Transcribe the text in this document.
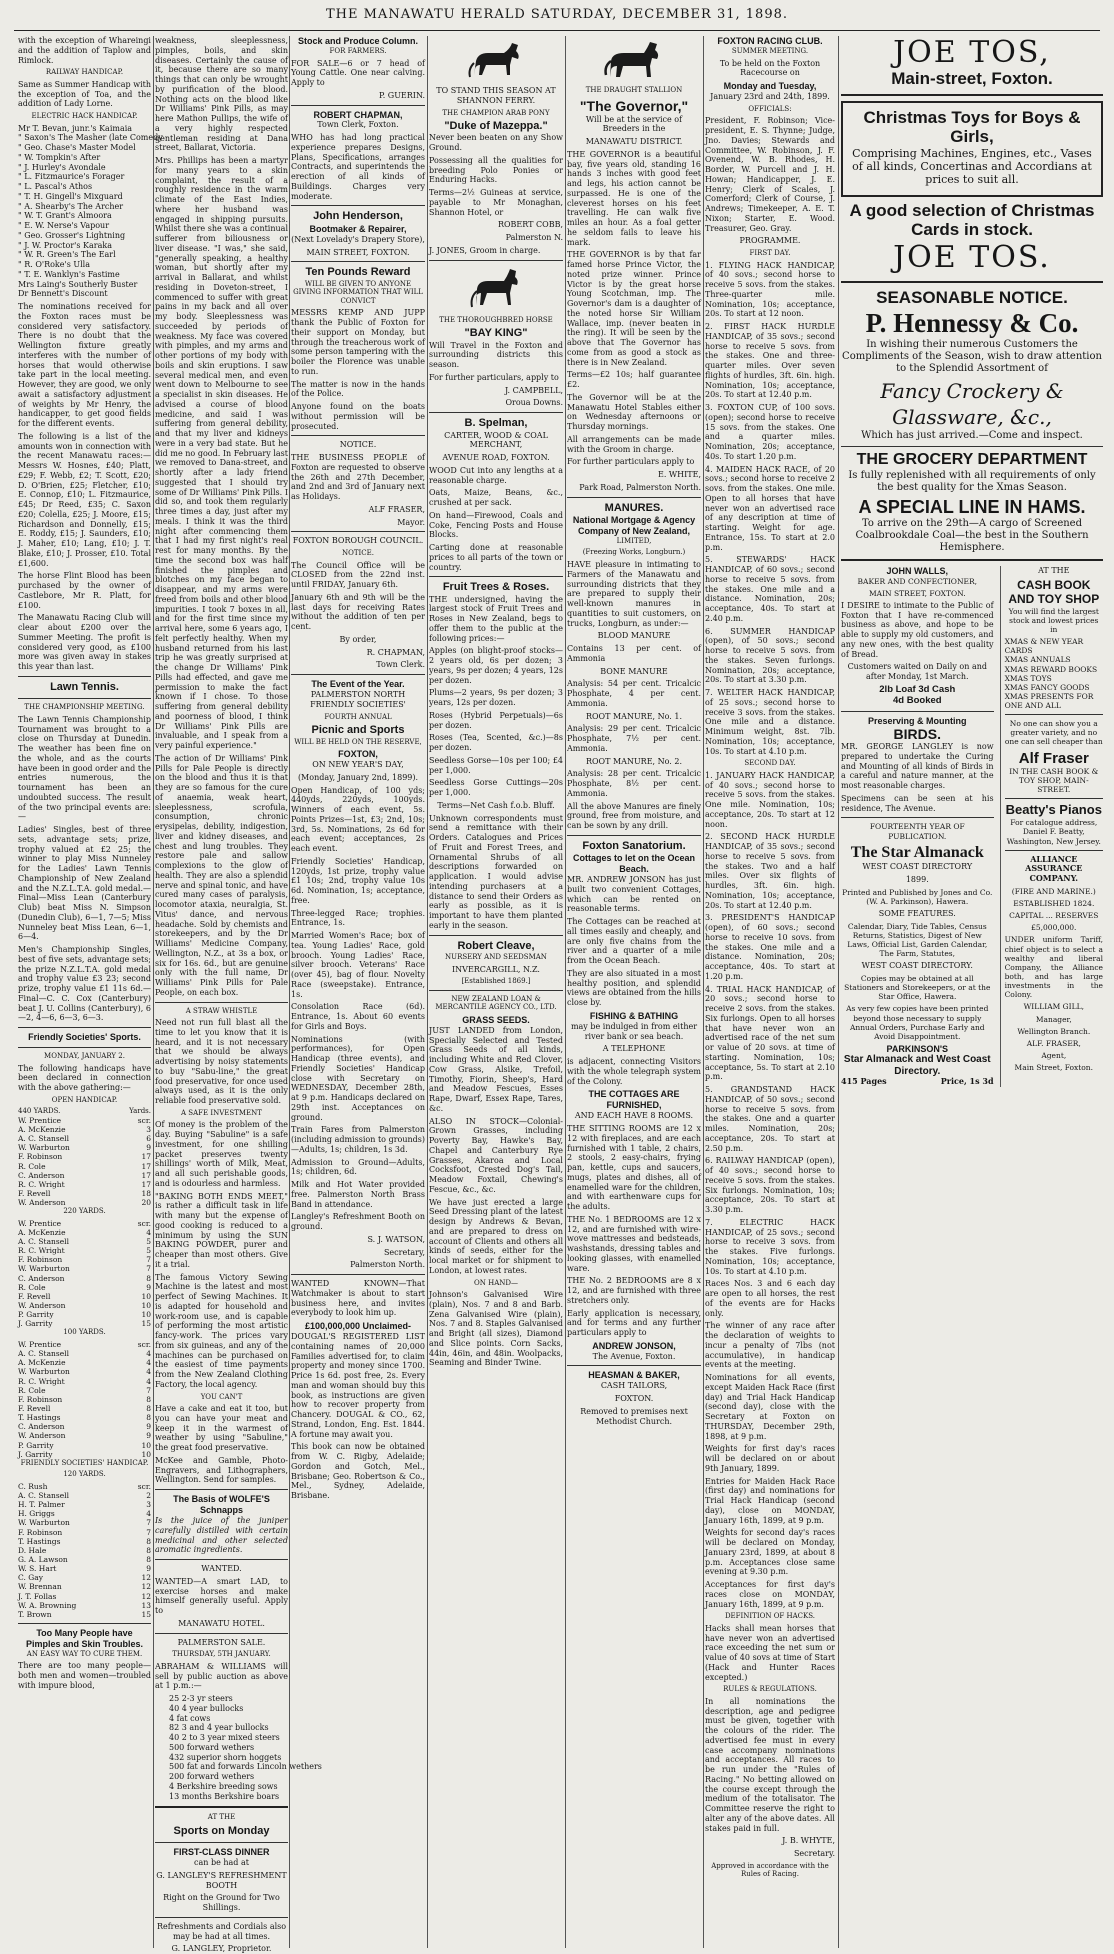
THE MANAWATU HERALD SATURDAY, DECEMBER 31, 1898.

with the exception of Whareingi and the addition of Taplow and Rimlock.

RAILWAY HANDICAP.

Same as Summer Handicap with the exception of Toa, and the addition of Lady Lorne.

ELECTRIC HACK HANDICAP.

Mr T. Bevan, junr.'s Kaimaia
" Saxon's The Masher (late Comedy
" Geo. Chase's Master Model
" W. Tompkin's After
" J. Hurley's Avondale
" L. Fitzmaurice's Forager
" L. Pascal's Athos
" T. H. Gingell's Mixguard
" A. Shearby's The Archer
" W. T. Grant's Almoora
" E. W. Nerse's Vapour
" Geo. Grosser's Lightning
" J. W. Proctor's Karaka
" W. R. Green's The Earl
" R. O'Roke's Ulla
" T. E. Wanklyn's Fastime
Mrs Laing's Southerly Buster
Dr Bennett's Discount

The nominations received for the Foxton races must be considered very satisfactory. There is no doubt that the Wellington fixture greatly interferes with the number of horses that would otherwise take part in the local meeting. However, they are good, we only await a satisfactory adjustment of weights by Mr Henry, the handicapper, to get good fields for the different events.

The following is a list of the amounts won in connection with the recent Manawatu races:—Messrs W. Hosnes, £40; Platt, £29; F. Webb, £2; T. Scott, £20; D. O'Brien, £25; Fletcher, £10; E. Connop, £10; L. Fitzmaurice, £45; Dr Reed, £35; C. Saxon £20; Colella, £25; J. Moore, £15; Richardson and Donnelly, £15; E. Roddy, £15; J. Saunders, £10; J. Maher, £10; Lang, £10; J. T. Blake, £10; J. Prosser, £10. Total £1,600.

The horse Flint Blood has been purchased by the owner of Castlebore, Mr R. Platt, for £100.

The Manawatu Racing Club will clear about £200 over the Summer Meeting. The profit is considered very good, as £100 more was given away in stakes this year than last.

Lawn Tennis.

THE CHAMPIONSHIP MEETING.

The Lawn Tennis Championship Tournament was brought to a close on Thursday at Dunedin. The weather has been fine on the whole, and as the courts have been in good order and the entries numerous, the tournament has been an undoubted success. The result of the two principal events are:—

Ladies' Singles, best of three sets, advantage sets; prize, trophy valued at £2 25; the winner to play Miss Nunneley for the Ladies' Lawn Tennis Championship of New Zealand and the N.Z.L.T.A. gold medal.—Final—Miss Lean (Canterbury Club) beat Miss N. Simpson (Dunedin Club), 6—1, 7—5; Miss Nunneley beat Miss Lean, 6—1, 6—4.

Men's Championship Singles, best of five sets, advantage sets; the prize N.Z.L.T.A. gold medal and trophy value £3 23; second prize, trophy value £1 11s 6d.—Final—C. C. Cox (Canterbury) beat J. U. Collins (Canterbury), 6—2, 4—6, 6—3, 6—3.

Friendly Societies' Sports.

MONDAY, JANUARY 2.

The following handicaps have been declared in connection with the above gathering:—

OPEN HANDICAP.

440 YARDS.	Yards.
W. Prentice	scr.
A. McKenzie	3
A. C. Stansell	6
W. Warburton	9
F. Robinson	17
R. Cole	17
C. Anderson	17
R. C. Wright	17
F. Revell	18
W. Anderson	20

220 YARDS.

W. Prentice	scr.
A. McKenzie	4
A. C. Stansell	5
R. C. Wright	5
F. Robinson	7
W. Warburton	7
C. Anderson	8
R. Cole	9
F. Revell	10
W. Anderson	10
P. Garrity	10
J. Garrity	15

100 YARDS.

W. Prentice	scr.
A. C. Stansell	4
A. McKenzie	4
W. Warburton	4
R. C. Wright	4
R. Cole	7
F. Robinson	8
F. Revell	8
T. Hastings	8
C. Anderson	9
W. Anderson	9
P. Garrity	10
J. Garrity	10

FRIENDLY SOCIETIES' HANDICAP.

120 YARDS.

C. Rush	scr.
A. C. Stansell	2
H. T. Palmer	3
H. Griggs	4
W. Warburton	7
F. Robinson	7
T. Hastings	8
D. Hale	8
G. A. Lawson	8
W. S. Hart	9
C. Gay	12
W. Brennan	12
J. T. Follas	12
W. A. Browning	13
T. Brown	15
Too Many People have Pimples and Skin Troubles.

AN EASY WAY TO CURE THEM.

There are too many people—both men and women—troubled with impure blood,

weakness, sleeplessness, pimples, boils, and skin diseases. Certainly the cause of it, because there are so many things that can only be wrought by purification of the blood. Nothing acts on the blood like Dr Williams' Pink Pills, as may here Mathon Pullips, the wife of a very highly respected gentleman residing at Dana street, Ballarat, Victoria.

Mrs. Phillips has been a martyr for many years to a skin complaint, the result of a roughly residence in the warm climate of the East Indies, where her husband was engaged in shipping pursuits. Whilst there she was a continual sufferer from biliousness or liver disease. "I was," she said, "generally speaking, a healthy woman, but shortly after my arrival in Ballarat, and whilst residing in Doveton-street, I commenced to suffer with great pains in my back and all over my body. Sleeplessness was succeeded by periods of weakness. My face was covered with pimples, and my arms and other portions of my body with boils and skin eruptions. I saw several medical men, and even went down to Melbourne to see a specialist in skin diseases. He advised a course of blood medicine, and said I was suffering from general debility, and that my liver and kidneys were in a very bad state. But he did me no good. In February last we removed to Dana-street, and shortly after a lady friend suggested that I should try some of Dr Williams' Pink Pills. I did so, and took them regularly three times a day, just after my meals. I think it was the third night after commencing them that I had my first night's real rest for many months. By the time the second box was half finished the pimples and blotches on my face began to disappear, and my arms were freed from boils and other blood impurities. I took 7 boxes in all, and for the first time since my arrival here, some 6 years ago, I felt perfectly healthy. When my husband returned from his last trip he was greatly surprised at the change Dr Williams' Pink Pills had effected, and gave me permission to make the fact known if I chose. To those suffering from general debility and poorness of blood, I think Dr Williams' Pink Pills are invaluable, and I speak from a very painful experience."

The action of Dr Williams' Pink Pills for Pale People is directly on the blood and thus it is that they are so famous for the cure of anaemia, weak heart, sleeplessness, scrofula, consumption, chronic erysipelas, debility, indigestion, liver and kidney diseases, and chest and lung troubles. They restore pale and sallow complexions to the glow of health. They are also a splendid nerve and spinal tonic, and have cured many cases of paralysis, locomotor ataxia, neuralgia, St. Vitus' dance, and nervous headache. Sold by chemists and storekeepers, and by the Dr Williams' Medicine Company, Wellington, N.Z., at 3s a box, or six for 16s. 6d., but are genuine only with the full name, Dr Williams' Pink Pills for Pale People, on each box.

A STRAW WHISTLE

Need not run full blast all the time to let you know that it is heard, and it is not necessary that we should be always advertising by noisy statements to buy "Sabu-line," the great food preservative, for once used always used, as it is the only reliable food preservative sold.

A SAFE INVESTMENT

Of money is the problem of the day. Buying "Sabuline" is a safe investment, for one shilling packet preserves twenty shillings' worth of Milk, Meat, and all such perishable goods, and is odourless and harmless.

"BAKING BOTH ENDS MEET," is rather a difficult task in life with many but the expense of good cooking is reduced to a minimum by using the SUN BAKING POWDER, purer and cheaper than most others. Give it a trial.

The famous Victory Sewing Machine is the latest and most perfect of Sewing Machines. It is adapted for household and work-room use, and is capable of performing the most artistic fancy-work. The prices vary from six guineas, and any of the machines can be purchased on the easiest of time payments from the New Zealand Clothing Factory, the local agency.

YOU CAN'T

Have a cake and eat it too, but you can have your meat and keep it in the warmest of weather by using "Sabuline," the great food preservative.

McKee and Gamble, Photo-Engravers, and Lithographers, Wellington. Send for samples.

The Basis of WOLFE'S Schnapps

Is the juice of the juniper carefully distilled with certain medicinal and other selected aromatic ingredients.

WANTED.

WANTED—A smart LAD, to exercise horses and make himself generally useful. Apply to

MANAWATU HOTEL.

PALMERSTON SALE.

THURSDAY, 5TH JANUARY.

ABRAHAM & WILLIAMS will sell by public auction as above at 1 p.m.:—

25 2-3 yr steers
40 4 year bullocks
4 fat cows
82 3 and 4 year bullocks
40 2 to 3 year mixed steers
500 forward wethers
432 superior shorn hoggets
500 fat and forwards Lincoln wethers
200 forward wethers
4 Berkshire breeding sows
13 months Berkshire boars

AT THE

Sports on Monday
FIRST-CLASS DINNER

can be had at

G. LANGLEY'S REFRESHMENT BOOTH

Right on the Ground for Two Shillings.

Refreshments and Cordials also may be had at all times.

G. LANGLEY, Proprietor.

Stock and Produce Column.

FOR FARMERS.

FOR SALE—6 or 7 head of Young Cattle. One near calving. Apply to

P. GUERIN.

ROBERT CHAPMAN,

Town Clerk, Foxton.

WHO has had long practical experience prepares Designs, Plans, Specifications, arranges Contracts, and superintends the erection of all kinds of Buildings. Charges very moderate.

John Henderson,
Bootmaker & Repairer,

(Next Lovelady's Drapery Store),

MAIN STREET, FOXTON.

Ten Pounds Reward

WILL BE GIVEN TO ANYONE GIVING INFORMATION THAT WILL CONVICT

MESSRS KEMP AND JUPP thank the Public of Foxton for their support on Monday, but through the treacherous work of some person tampering with the boiler the Florence was unable to run.

The matter is now in the hands of the Police.

Anyone found on the boats without permission will be prosecuted.

NOTICE.

THE BUSINESS PEOPLE of Foxton are requested to observe the 26th and 27th December, and 2nd and 3rd of January next as Holidays.

ALF FRASER,

Mayor.

FOXTON BOROUGH COUNCIL.

NOTICE.

The Council Office will be CLOSED from the 22nd inst. until FRIDAY, January 6th.

January 6th and 9th will be the last days for receiving Rates without the addition of ten per cent.

By order,

R. CHAPMAN,

Town Clerk.

The Event of the Year.

PALMERSTON NORTH FRIENDLY SOCIETIES'

FOURTH ANNUAL

Picnic and Sports

WILL BE HELD ON THE RESERVE,

FOXTON,

ON NEW YEAR'S DAY,

(Monday, January 2nd, 1899).

Open Handicap, of 100 yds; 440yds, 220yds, 100yds. Winners of each event, 5s. Points Prizes—1st, £3; 2nd, 10s; 3rd, 5s. Nominations, 2s 6d for each event; acceptances, 2s each event.

Friendly Societies' Handicap, 120yds, 1st prize, trophy value £1 10s; 2nd, trophy value 10s 6d. Nomination, 1s; acceptance, free.

Three-legged Race; trophies. Entrance, 1s.

Married Women's Race; box of tea. Young Ladies' Race, gold brooch. Young Ladies' Race, silver brooch. Veterans' Race (over 45), bag of flour. Novelty Race (sweepstake). Entrance, 1s.

Consolation Race (6d). Entrance, 1s. About 60 events for Girls and Boys.

Nominations (with performances), for Open Handicap (three events), and Friendly Societies' Handicap close with Secretary on WEDNESDAY, December 28th, at 9 p.m. Handicaps declared on 29th inst. Acceptances on ground.

Train Fares from Palmerston (including admission to grounds)—Adults, 1s; children, 1s 3d.

Admission to Ground—Adults, 1s; children, 6d.

Milk and Hot Water provided free. Palmerston North Brass Band in attendance.

Langley's Refreshment Booth on ground.

S. J. WATSON,

Secretary,

Palmerston North.

WANTED KNOWN—That Watchmaker is about to start business here, and invites everybody to look him up.

£100,000,000 Unclaimed-

DOUGAL'S REGISTERED LIST containing names of 20,000 Families advertised for, to claim property and money since 1700. Price 1s 6d. post free, 2s. Every man and woman should buy this book, as instructions are given how to recover property from Chancery. DOUGAL & CO., 62, Strand, London, Eng. Est. 1844. A fortune may await you.

This book can now be obtained from W. C. Rigby, Adelaide; Gordon and Gotch, Mel., Brisbane; Geo. Robertson & Co., Mel., Sydney, Adelaide, Brisbane.

TO STAND THIS SEASON AT SHANNON FERRY.

THE CHAMPION ARAB PONY

"Duke of Mazeppa."

Never been beaten on any Show Ground.

Possessing all the qualities for breeding Polo Ponies or Enduring Hacks.

Terms—2½ Guineas at service, payable to Mr Monaghan, Shannon Hotel, or

ROBERT COBB,

Palmerston N.

J. JONES, Groom in charge.

THE THOROUGHBRED HORSE

"BAY KING"

Will Travel in the Foxton and surrounding districts this season.

For further particulars, apply to

J. CAMPBELL,

Oroua Downs.

B. Spelman,

CARTER, WOOD & COAL MERCHANT,

AVENUE ROAD, FOXTON.

WOOD Cut into any lengths at a reasonable charge.

Oats, Maize, Beans, &c., crushed at per sack.

On hand—Firewood, Coals and Coke, Fencing Posts and House Blocks.

Carting done at reasonable prices to all parts of the town or country.

Fruit Trees & Roses.

THE undersigned, having the largest stock of Fruit Trees and Roses in New Zealand, begs to offer them to the public at the following prices:—

Apples (on blight-proof stocks—2 years old, 6s per dozen; 3 years, 9s per dozen; 4 years, 12s per dozen.

Plums—2 years, 9s per dozen; 3 years, 12s per dozen.

Roses (Hybrid Perpetuals)—6s per dozen.

Roses (Tea, Scented, &c.)—8s per dozen.

Seedless Gorse—10s per 100; £4 per 1,000.

Seedless Gorse Cuttings—20s per 1,000.

Terms—Net Cash f.o.b. Bluff.

Unknown correspondents must send a remittance with their Orders. Catalogues and Prices of Fruit and Forest Trees, and Ornamental Shrubs of all descriptions forwarded on application. I would advise intending purchasers at a distance to send their Orders as early as possible, as it is important to have them planted early in the season.

Robert Cleave,

NURSERY AND SEEDSMAN

INVERCARGILL, N.Z.

[Established 1869.]

NEW ZEALAND LOAN & MERCANTILE AGENCY CO., LTD.

GRASS SEEDS.

JUST LANDED from London, Specially Selected and Tested Grass Seeds of all kinds, including White and Red Clover, Cow Grass, Alsike, Trefoil, Timothy, Fiorin, Sheep's, Hard and Meadow Fescues, Esses Rape, Dwarf, Essex Rape, Tares, &c.

ALSO IN STOCK—Colonial-Grown Grasses, including Poverty Bay, Hawke's Bay, Chapel and Canterbury Rye Grasses, Akaroa and Local Cocksfoot, Crested Dog's Tail, Meadow Foxtail, Chewing's Fescue, &c., &c.

We have just erected a large Seed Dressing plant of the latest design by Andrews & Bevan, and are prepared to dress on account of Clients and others all kinds of seeds, either for the local market or for shipment to London, at lowest rates.

ON HAND—

Johnson's Galvanised Wire (plain), Nos. 7 and 8 and Barb. Zena Galvanised Wire (plain), Nos. 7 and 8. Staples Galvanised and Bright (all sizes), Diamond and Slice points. Corn Sacks, 44in, 46in, and 48in. Woolpacks, Seaming and Binder Twine.

THE DRAUGHT STALLION

"The Governor,"

Will be at the service of Breeders in the

MANAWATU DISTRICT.

THE GOVERNOR is a beautiful bay, five years old, standing 16 hands 3 inches with good feet and legs, his action cannot be surpassed. He is one of the cleverest horses on his feet travelling. He can walk five miles an hour. As a foal getter he seldom fails to leave his mark.

THE GOVERNOR is by that far famed horse Prince Victor, the noted prize winner. Prince Victor is by the great horse Young Scotchman, imp. The Governor's dam is a daughter of the noted horse Sir William Wallace, imp. (never beaten in the ring). It will be seen by the above that The Governor has come from as good a stock as there is in New Zealand.

Terms—£2 10s; half guarantee £2.

The Governor will be at the Manawatu Hotel Stables either on Wednesday afternoons or Thursday mornings.

All arrangements can be made with the Groom in charge.

For further particulars apply to

E. WHITE,

Park Road, Palmerston North.

MANURES.
National Mortgage & Agency Company of New Zealand,

LIMITED,

(Freezing Works, Longburn.)

HAVE pleasure in intimating to Farmers of the Manawatu and surrounding districts that they are prepared to supply their well-known manures in quantities to suit customers, on trucks, Longburn, as under:—

BLOOD MANURE

Contains 13 per cent. of Ammonia

BONE MANURE

Analysis: 54 per cent. Tricalcic Phosphate, 4 per cent. Ammonia.

ROOT MANURE, No. 1.

Analysis: 29 per cent. Tricalcic Phosphate, 7½ per cent. Ammonia.

ROOT MANURE, No. 2.

Analysis: 28 per cent. Tricalcic Phosphate, 8½ per cent. Ammonia.

All the above Manures are finely ground, free from moisture, and can be sown by any drill.

Foxton Sanatorium.
Cottages to let on the Ocean Beach.

MR. ANDREW JONSON has just built two convenient Cottages, which can be rented on reasonable terms.

The Cottages can be reached at all times easily and cheaply, and are only five chains from the river and a quarter of a mile from the Ocean Beach.

They are also situated in a most healthy position, and splendid views are obtained from the hills close by.

FISHING & BATHING

may be indulged in from either river bank or sea beach.

A TELEPHONE

is adjacent, connecting Visitors with the whole telegraph system of the Colony.

THE COTTAGES ARE FURNISHED,

AND EACH HAVE 8 ROOMS.

THE SITTING ROOMS are 12 x 12 with fireplaces, and are each furnished with 1 table, 2 chairs, 2 stools, 2 easy-chairs, frying pan, kettle, cups and saucers, mugs, plates and dishes, all of enamelled ware for the children, and with earthenware cups for the adults.

THE No. 1 BEDROOMS are 12 x 12, and are furnished with wire-wove mattresses and bedsteads, washstands, dressing tables and looking glasses, with enamelled ware.

THE No. 2 BEDROOMS are 8 x 12, and are furnished with three stretchers only.

Early application is necessary, and for terms and any further particulars apply to

ANDREW JONSON,

The Avenue, Foxton.

HEASMAN & BAKER,

CASH TAILORS,

FOXTON.

Removed to premises next Methodist Church.

FOXTON RACING CLUB.

SUMMER MEETING.

To be held on the Foxton Racecourse on

Monday and Tuesday,

January 23rd and 24th, 1899.

OFFICIALS:

President, F. Robinson; Vice-president, E. S. Thynne; Judge, Jno. Davies; Stewards and Committee, W. Robinson, J. F. Ovenend, W. B. Rhodes, H. Border, W. Purcell and J. H. Howan; Handicapper, J. E. Henry; Clerk of Scales, J. Comerford; Clerk of Course, J. Andrews; Timekeeper, A. E. T. Nixon; Starter, E. Wood. Treasurer, Geo. Gray.

PROGRAMME.

FIRST DAY.

1. FLYING HACK HANDICAP, of 40 sovs.; second horse to receive 5 sovs. from the stakes. Three-quarter mile. Nomination, 10s; acceptance, 20s. To start at 12 noon.

2. FIRST HACK HURDLE HANDICAP, of 35 sovs.; second horse to receive 5 sovs. from the stakes. One and three-quarter miles. Over seven flights of hurdles, 3ft. 6in. high. Nomination, 10s; acceptance, 20s. To start at 12.40 p.m.

3. FOXTON CUP, of 100 sovs. (open); second horse to receive 15 sovs. from the stakes. One and a quarter miles. Nomination, 20s; acceptance, 40s. To start 1.20 p.m.

4. MAIDEN HACK RACE, of 20 sovs.; second horse to receive 2 sovs. from the stakes. One mile. Open to all horses that have never won an advertised race of any description at time of starting. Weight for age. Entrance, 15s. To start at 2.0 p.m.

5. STEWARDS' HACK HANDICAP, of 60 sovs.; second horse to receive 5 sovs. from the stakes. One mile and a distance. Nomination, 20s; acceptance, 40s. To start at 2.40 p.m.

6. SUMMER HANDICAP (open), of 50 sovs.; second horse to receive 5 sovs. from the stakes. Seven furlongs. Nomination, 20s; acceptance, 20s. To start at 3.30 p.m.

7. WELTER HACK HANDICAP, of 25 sovs.; second horse to receive 3 sovs. from the stakes. One mile and a distance. Minimum weight, 8st. 7lb. Nomination, 10s; acceptance, 10s. To start at 4.10 p.m.

SECOND DAY.

1. JANUARY HACK HANDICAP, of 40 sovs.; second horse to receive 5 sovs. from the stakes. One mile. Nomination, 10s; acceptance, 20s. To start at 12 noon.

2. SECOND HACK HURDLE HANDICAP, of 35 sovs.; second horse to receive 5 sovs. from the stakes. Two and a half miles. Over six flights of hurdles, 3ft. 6in. high. Nomination, 10s; acceptance, 20s. To start at 12.40 p.m.

3. PRESIDENT'S HANDICAP (open), of 60 sovs.; second horse to receive 10 sovs. from the stakes. One mile and a distance. Nomination, 20s; acceptance, 40s. To start at 1.20 p.m.

4. TRIAL HACK HANDICAP, of 20 sovs.; second horse to receive 2 sovs. from the stakes. Six furlongs. Open to all horses that have never won an advertised race of the net sum or value of 20 sovs. at time of starting. Nomination, 10s; acceptance, 5s. To start at 2.10 p.m.

5. GRANDSTAND HACK HANDICAP, of 50 sovs.; second horse to receive 5 sovs. from the stakes. One and a quarter miles. Nomination, 20s; acceptance, 20s. To start at 2.50 p.m.

6. RAILWAY HANDICAP (open), of 40 sovs.; second horse to receive 5 sovs. from the stakes. Six furlongs. Nomination, 10s; acceptance, 20s. To start at 3.30 p.m.

7. ELECTRIC HACK HANDICAP, of 25 sovs.; second horse to receive 3 sovs. from the stakes. Five furlongs. Nomination, 10s; acceptance, 10s. To start at 4.10 p.m.

Races Nos. 3 and 6 each day are open to all horses, the rest of the events are for Hacks only.

The winner of any race after the declaration of weights to incur a penalty of 7lbs (not accumulative), in handicap events at the meeting.

Nominations for all events, except Maiden Hack Race (first day) and Trial Hack Handicap (second day), close with the Secretary at Foxton on THURSDAY, December 29th, 1898, at 9 p.m.

Weights for first day's races will be declared on or about 9th January, 1899.

Entries for Maiden Hack Race (first day) and nominations for Trial Hack Handicap (second day), close on MONDAY, January 16th, 1899, at 9 p.m.

Weights for second day's races will be declared on Monday, January 23rd, 1899, at about 8 p.m. Acceptances close same evening at 9.30 p.m.

Acceptances for first day's races close on MONDAY, January 16th, 1899, at 9 p.m.

DEFINITION OF HACKS.

Hacks shall mean horses that have never won an advertised race exceeding the net sum or value of 40 sovs at time of Start (Hack and Hunter Races excepted.)

RULES & REGULATIONS.

In all nominations the description, age and pedigree must be given, together with the colours of the rider. The advertised fee must in every case accompany nominations and acceptances. All races to be run under the "Rules of Racing." No betting allowed on the course except through the medium of the totalisator. The Committee reserve the right to alter any of the above dates. All stakes paid in full.

J. B. WHYTE,

Secretary.

Approved in accordance with the Rules of Racing.

JOE TOS,
Main-street, Foxton.
Christmas Toys for Boys & Girls,

Comprising Machines, Engines, etc., Vases of all kinds, Concertinas and Accordians at prices to suit all.

A good selection of Christmas Cards in stock.
JOE TOS.
SEASONABLE NOTICE.
P. Hennessy & Co.

In wishing their numerous Customers the Compliments of the Season, wish to draw attention to the Splendid Assortment of

Fancy Crockery & Glassware, &c.,

Which has just arrived.—Come and inspect.

THE GROCERY DEPARTMENT

Is fully replenished with all requirements of only the best quality for the Xmas Season.

A SPECIAL LINE IN HAMS.

To arrive on the 29th—A cargo of Screened Coalbrookdale Coal—the best in the Southern Hemisphere.

JOHN WALLS,

BAKER AND CONFECTIONER,

MAIN STREET, FOXTON.

I DESIRE to intimate to the Public of Foxton that I have re-commenced business as above, and hope to be able to supply my old customers, and any new ones, with the best quality of Bread.

Customers waited on Daily on and after Monday, 1st March.

2lb Loaf 3d Cash
4d Booked
Preserving & Mounting
BIRDS.

MR. GEORGE LANGLEY is now prepared to undertake the Curing and Mounting of all kinds of Birds in a careful and nature manner, at the most reasonable charges.

Specimens can be seen at his residence, The Avenue.

FOURTEENTH YEAR OF PUBLICATION.

The Star Almanack

WEST COAST DIRECTORY

1899.

Printed and Published by Jones and Co. (W. A. Parkinson), Hawera.

SOME FEATURES.

Calendar, Diary, Tide Tables, Census Returns, Statistics, Digest of New Laws, Official List, Garden Calendar, The Farm, Statutes,

WEST COAST DIRECTORY.

Copies may be obtained at all Stationers and Storekeepers, or at the Star Office, Hawera.

As very few copies have been printed beyond those necessary to supply Annual Orders, Purchase Early and Avoid Disappointment.

PARKINSON'S
Star Almanack and West Coast Directory.
415 Pages	Price, 1s 3d

AT THE

CASH BOOK AND TOY SHOP

You will find the largest stock and lowest prices in

XMAS & NEW YEAR CARDS
XMAS ANNUALS
XMAS REWARD BOOKS
XMAS TOYS
XMAS FANCY GOODS
XMAS PRESENTS FOR ONE AND ALL

No one can show you a greater variety, and no one can sell cheaper than

Alf Fraser

IN THE CASH BOOK & TOY SHOP, MAIN-STREET.

Beatty's Pianos

For catalogue address, Daniel F. Beatty, Washington, New Jersey.

ALLIANCE ASSURANCE COMPANY.

(FIRE AND MARINE.)

ESTABLISHED 1824.

CAPITAL ... RESERVES

£5,000,000.

UNDER uniform Tariff, chief object is to select a wealthy and liberal Company, the Alliance both, and has large investments in the Colony.

WILLIAM GILL,

Manager,

Wellington Branch.

ALF. FRASER,

Agent,

Main Street, Foxton.
